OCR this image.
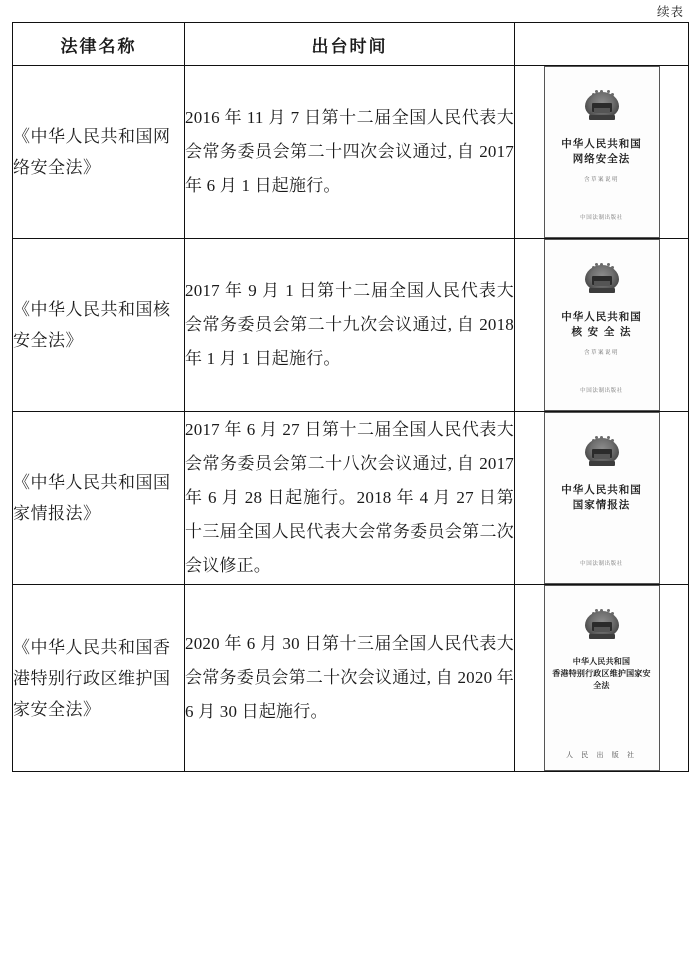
续表
法律名称	出台时间	

《中华人民共和国网络安全法》	2016 年 11 月 7 日第十二届全国人民代表大会常务委员会第二十四次会议通过, 自 2017 年 6 月 1 日起施行。	中华人民共和国
网络安全法
含草案说明
中国法制出版社

《中华人民共和国核安全法》	2017 年 9 月 1 日第十二届全国人民代表大会常务委员会第二十九次会议通过, 自 2018 年 1 月 1 日起施行。	中华人民共和国
核 安 全 法
含草案说明
中国法制出版社

《中华人民共和国国家情报法》	2017 年 6 月 27 日第十二届全国人民代表大会常务委员会第二十八次会议通过, 自 2017 年 6 月 28 日起施行。2018 年 4 月 27 日第十三届全国人民代表大会常务委员会第二次会议修正。	中华人民共和国
国家情报法
中国法制出版社

《中华人民共和国香港特别行政区维护国家安全法》	2020 年 6 月 30 日第十三届全国人民代表大会常务委员会第二十次会议通过, 自 2020 年 6 月 30 日起施行。	中华人民共和国
香港特别行政区维护国家安全法
人 民 出 版 社
